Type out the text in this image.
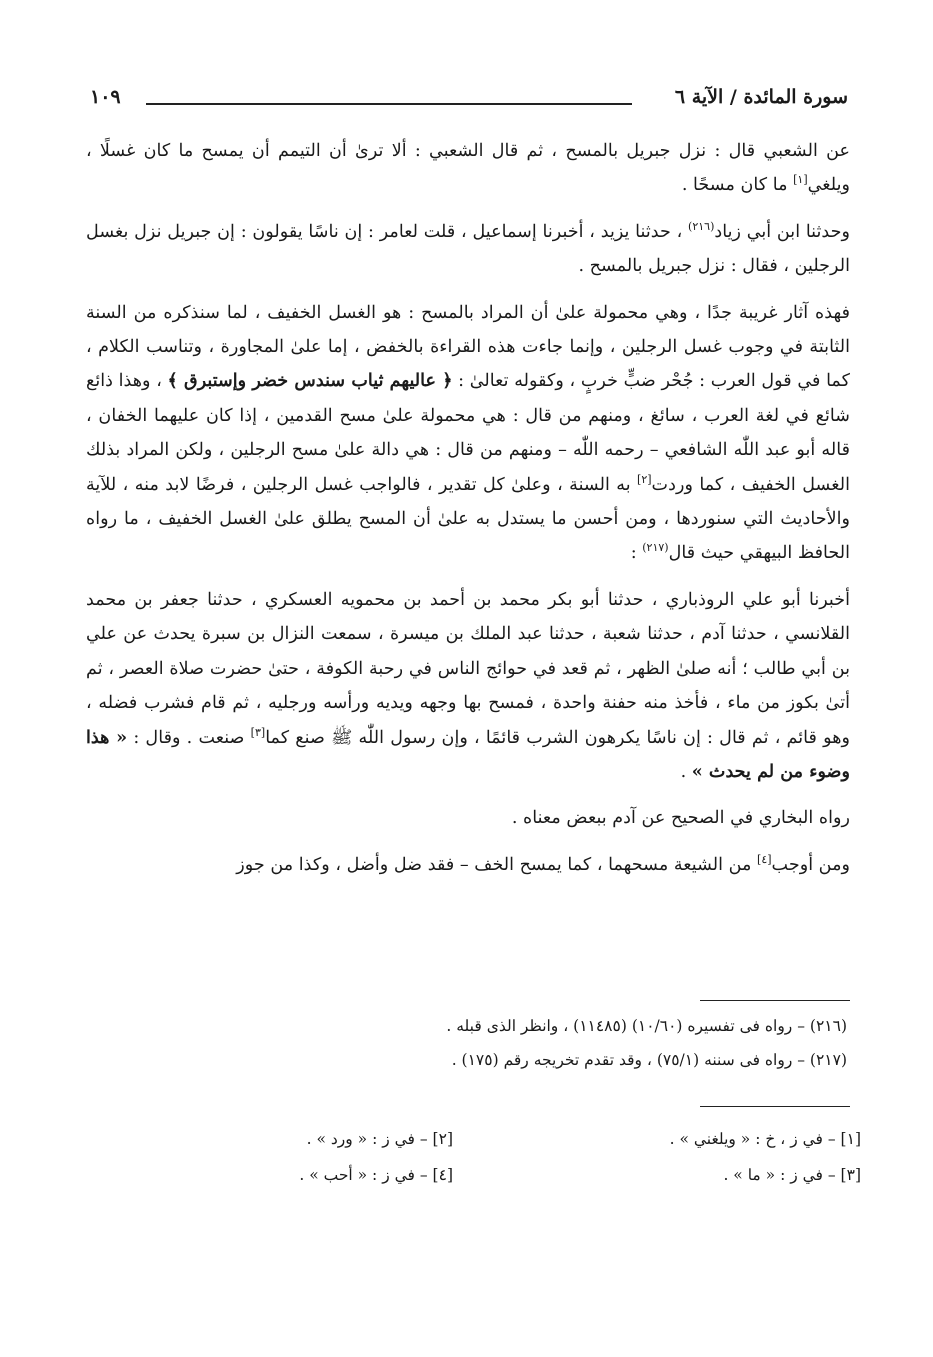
سورة المائدة / الآية ٦
١٠٩

عن الشعبي قال : نزل جبريل بالمسح ، ثم قال الشعبي : ألا ترىٰ أن التيمم أن يمسح ما كان غسلًا ، ويلغي[١] ما كان مسحًا .

وحدثنا ابن أبي زياد$^{(٢١٦)}$ ، حدثنا يزيد ، أخبرنا إسماعيل ، قلت لعامر : إن ناسًا يقولون : إن جبريل نزل بغسل الرجلين ، فقال : نزل جبريل بالمسح .

فهذه آثار غريبة جدًا ، وهي محمولة علىٰ أن المراد بالمسح : هو الغسل الخفيف ، لما سنذكره من السنة الثابتة في وجوب غسل الرجلين ، وإنما جاءت هذه القراءة بالخفض ، إما علىٰ المجاورة ، وتناسب الكلام ، كما في قول العرب : جُحْر ضبٍّ خربٍ ، وكقوله تعالىٰ : ﴿ عاليهم ثياب سندس خضر وإستبرق ﴾ ، وهذا ذائع شائع في لغة العرب ، سائغ ، ومنهم من قال : هي محمولة علىٰ مسح القدمين ، إذا كان عليهما الخفان ، قاله أبو عبد اللّٰه الشافعي – رحمه اللّٰه – ومنهم من قال : هي دالة علىٰ مسح الرجلين ، ولكن المراد بذلك الغسل الخفيف ، كما وردت[٢] به السنة ، وعلىٰ كل تقدير ، فالواجب غسل الرجلين ، فرضًا لابد منه ، للآية والأحاديث التي سنوردها ، ومن أحسن ما يستدل به علىٰ أن المسح يطلق علىٰ الغسل الخفيف ، ما رواه الحافظ البيهقي حيث قال$^{(٢١٧)}$ :

أخبرنا أبو علي الروذباري ، حدثنا أبو بكر محمد بن أحمد بن محمويه العسكري ، حدثنا جعفر بن محمد القلانسي ، حدثنا آدم ، حدثنا شعبة ، حدثنا عبد الملك بن ميسرة ، سمعت النزال بن سبرة يحدث عن علي بن أبي طالب ؛ أنه صلىٰ الظهر ، ثم قعد في حوائج الناس في رحبة الكوفة ، حتىٰ حضرت صلاة العصر ، ثم أتىٰ بكوز من ماء ، فأخذ منه حفنة واحدة ، فمسح بها وجهه ويديه ورأسه ورجليه ، ثم قام فشرب فضله ، وهو قائم ، ثم قال : إن ناسًا يكرهون الشرب قائمًا ، وإن رسول اللّٰه ﷺ صنع كما[٣] صنعت . وقال : « هذا وضوء من لم يحدث » .

رواه البخاري في الصحيح عن آدم ببعض معناه .

ومن أوجب[٤] من الشيعة مسحهما ، كما يمسح الخف – فقد ضل وأضل ، وكذا من جوز

(٢١٦) – رواه فى تفسيره (١٠/٦٠) (١١٤٨٥) ، وانظر الذى قبله .
(٢١٧) – رواه فى سننه (٧٥/١) ، وقد تقدم تخريجه رقم (١٧٥) .
[١] – في ز ، خ : « ويلغني » .
[٢] – في ز : « ورد » .
[٣] – في ز : « ما » .
[٤] – في ز : « أحب » .
